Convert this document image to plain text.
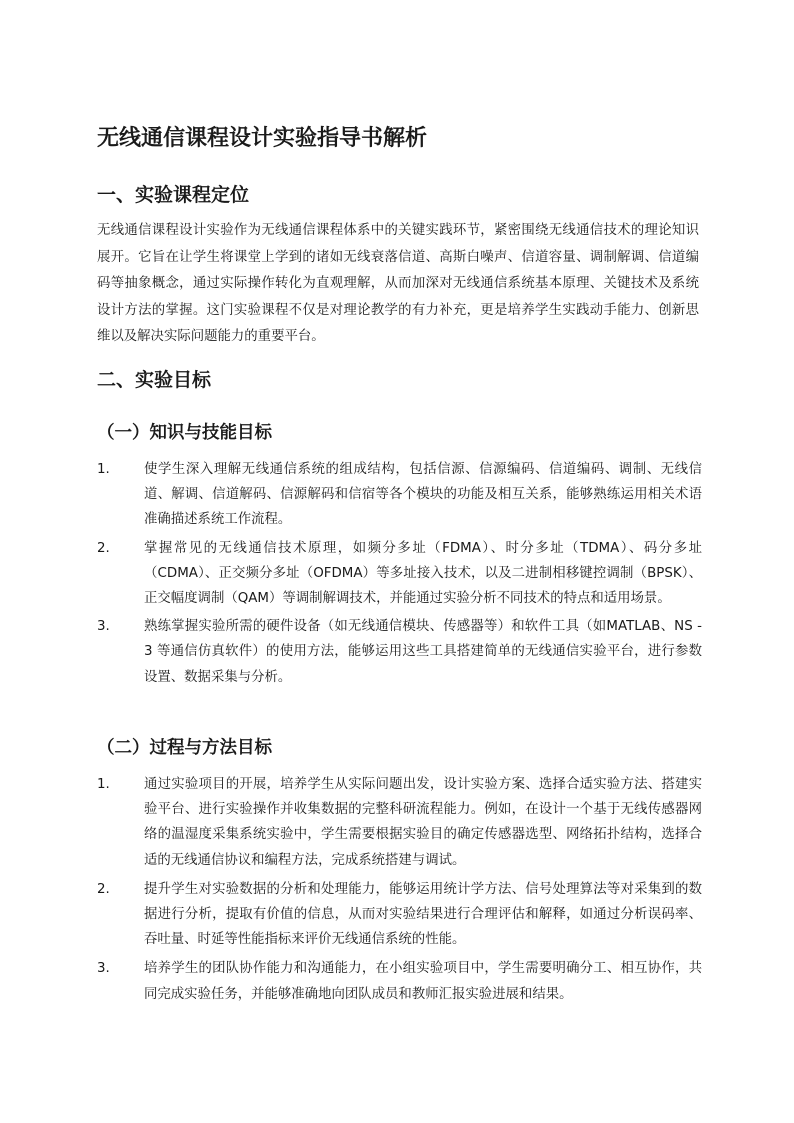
无线通信课程设计实验指导书解析
一、实验课程定位

无线通信课程设计实验作为无线通信课程体系中的关键实践环节，紧密围绕无线通信技术的理论知识展开。它旨在让学生将课堂上学到的诸如无线衰落信道、高斯白噪声、信道容量、调制解调、信道编码等抽象概念，通过实际操作转化为直观理解，从而加深对无线通信系统基本原理、关键技术及系统设计方法的掌握。这门实验课程不仅是对理论教学的有力补充，更是培养学生实践动手能力、创新思维以及解决实际问题能力的重要平台。

二、实验目标
（一）知识与技能目标
1.	使学生深入理解无线通信系统的组成结构，包括信源、信源编码、信道编码、调制、无线信道、解调、信道解码、信源解码和信宿等各个模块的功能及相互关系，能够熟练运用相关术语准确描述系统工作流程。
2.	掌握常见的无线通信技术原理，如频分多址（FDMA）、时分多址（TDMA）、码分多址（CDMA）、正交频分多址（OFDMA）等多址接入技术，以及二进制相移键控调制（BPSK）、正交幅度调制（QAM）等调制解调技术，并能通过实验分析不同技术的特点和适用场景。
3.	熟练掌握实验所需的硬件设备（如无线通信模块、传感器等）和软件工具（如MATLAB、NS - 3 等通信仿真软件）的使用方法，能够运用这些工具搭建简单的无线通信实验平台，进行参数设置、数据采集与分析。
（二）过程与方法目标
1.	通过实验项目的开展，培养学生从实际问题出发，设计实验方案、选择合适实验方法、搭建实验平台、进行实验操作并收集数据的完整科研流程能力。例如，在设计一个基于无线传感器网络的温湿度采集系统实验中，学生需要根据实验目的确定传感器选型、网络拓扑结构，选择合适的无线通信协议和编程方法，完成系统搭建与调试。
2.	提升学生对实验数据的分析和处理能力，能够运用统计学方法、信号处理算法等对采集到的数据进行分析，提取有价值的信息，从而对实验结果进行合理评估和解释，如通过分析误码率、吞吐量、时延等性能指标来评价无线通信系统的性能。
3.	培养学生的团队协作能力和沟通能力，在小组实验项目中，学生需要明确分工、相互协作，共同完成实验任务，并能够准确地向团队成员和教师汇报实验进展和结果。
